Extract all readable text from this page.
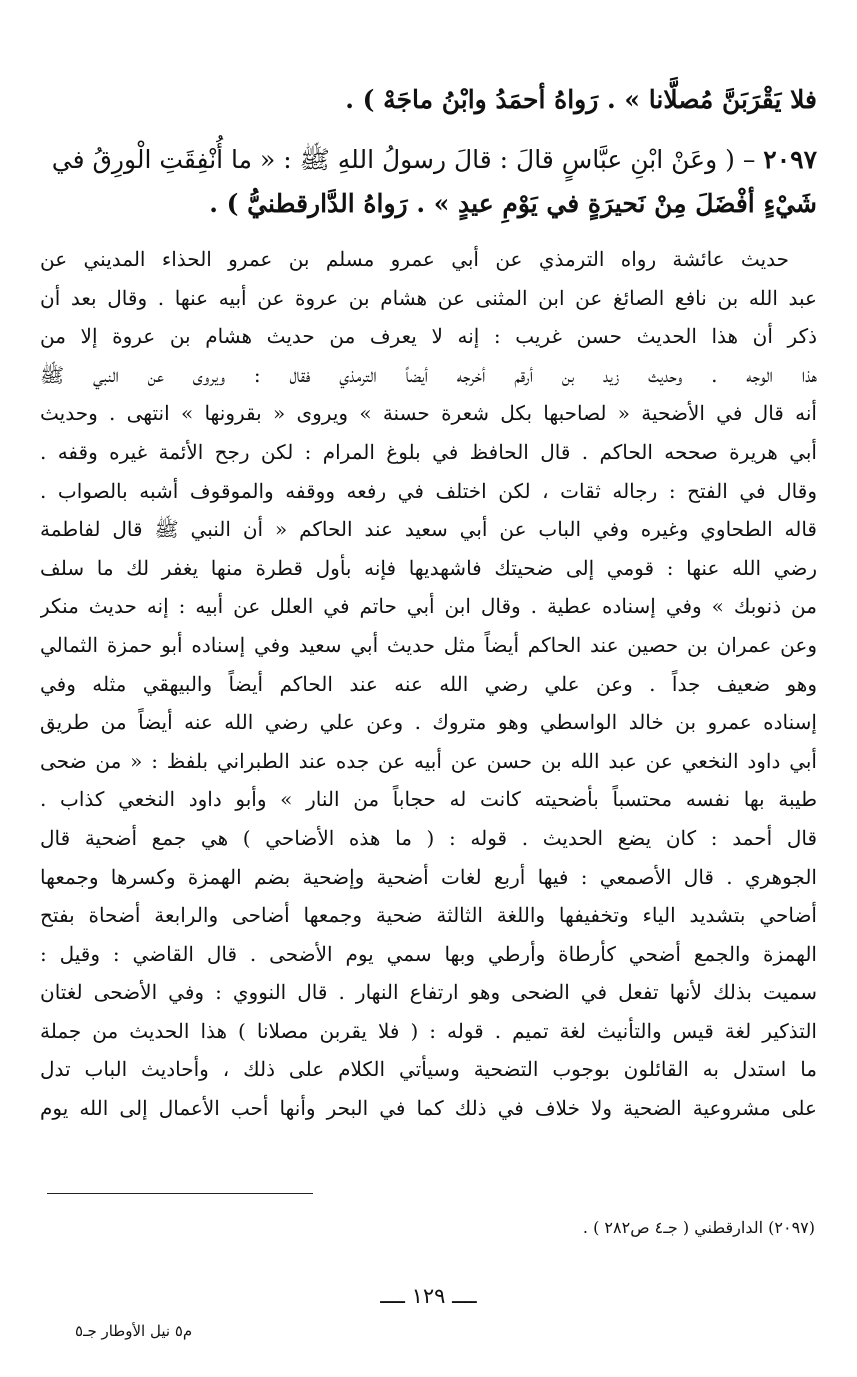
فلا يَقْرَبَنَّ مُصلَّانا » . رَواهُ أحمَدُ وابْنُ ماجَهْ ) .
٢٠٩٧ – ( وعَنْ ابْنِ عبَّاسٍ قالَ : قالَ رسولُ اللهِ ﷺ : « ما أُنْفِقَتِ الْورِقُ في
شَيْءٍ أفْضَلَ مِنْ نَحيرَةٍ في يَوْمِ عيدٍ » . رَواهُ الدَّارقطنيُّ ) .
حديث عائشة رواه الترمذي عن أبي عمرو مسلم بن عمرو الحذاء المديني عن
عبد الله بن نافع الصائغ عن ابن المثنى عن هشام بن عروة عن أبيه عنها . وقال بعد أن
ذكر أن هذا الحديث حسن غريب : إنه لا يعرف من حديث هشام بن عروة إلا من
هذا الوجه . وحديث زيد بن أرقم أخرجه أيضاً الترمذي فقال : ويروى عن النبي ﷺ
أنه قال في الأضحية « لصاحبها بكل شعرة حسنة » ويروى « بقرونها » انتهى . وحديث
أبي هريرة صححه الحاكم . قال الحافظ في بلوغ المرام : لكن رجح الأئمة غيره وقفه .
وقال في الفتح : رجاله ثقات ، لكن اختلف في رفعه ووقفه والموقوف أشبه بالصواب .
قاله الطحاوي وغيره وفي الباب عن أبي سعيد عند الحاكم « أن النبي ﷺ قال لفاطمة
رضي الله عنها : قومي إلى ضحيتك فاشهديها فإنه بأول قطرة منها يغفر لك ما سلف
من ذنوبك » وفي إسناده عطية . وقال ابن أبي حاتم في العلل عن أبيه : إنه حديث منكر
وعن عمران بن حصين عند الحاكم أيضاً مثل حديث أبي سعيد وفي إسناده أبو حمزة الثمالي
وهو ضعيف جداً . وعن علي رضي الله عنه عند الحاكم أيضاً والبيهقي مثله وفي
إسناده عمرو بن خالد الواسطي وهو متروك . وعن علي رضي الله عنه أيضاً من طريق
أبي داود النخعي عن عبد الله بن حسن عن أبيه عن جده عند الطبراني بلفظ : « من ضحى
طيبة بها نفسه محتسباً بأضحيته كانت له حجاباً من النار » وأبو داود النخعي كذاب .
قال أحمد : كان يضع الحديث . قوله : ( ما هذه الأضاحي ) هي جمع أضحية قال
الجوهري . قال الأصمعي : فيها أربع لغات أضحية وإضحية بضم الهمزة وكسرها وجمعها
أضاحي بتشديد الياء وتخفيفها واللغة الثالثة ضحية وجمعها أضاحى والرابعة أضحاة بفتح
الهمزة والجمع أضحي كأرطاة وأرطي وبها سمي يوم الأضحى . قال القاضي : وقيل :
سميت بذلك لأنها تفعل في الضحى وهو ارتفاع النهار . قال النووي : وفي الأضحى لغتان
التذكير لغة قيس والتأنيث لغة تميم . قوله : ( فلا يقربن مصلانا ) هذا الحديث من جملة
ما استدل به القائلون بوجوب التضحية وسيأتي الكلام على ذلك ، وأحاديث الباب تدل
على مشروعية الضحية ولا خلاف في ذلك كما في البحر وأنها أحب الأعمال إلى الله يوم
(٢٠٩٧) الدارقطني ( جـ٤ ص٢٨٢ ) .
ــــ ١٢٩ ــــ
م٥ نيل الأوطار جـ٥
